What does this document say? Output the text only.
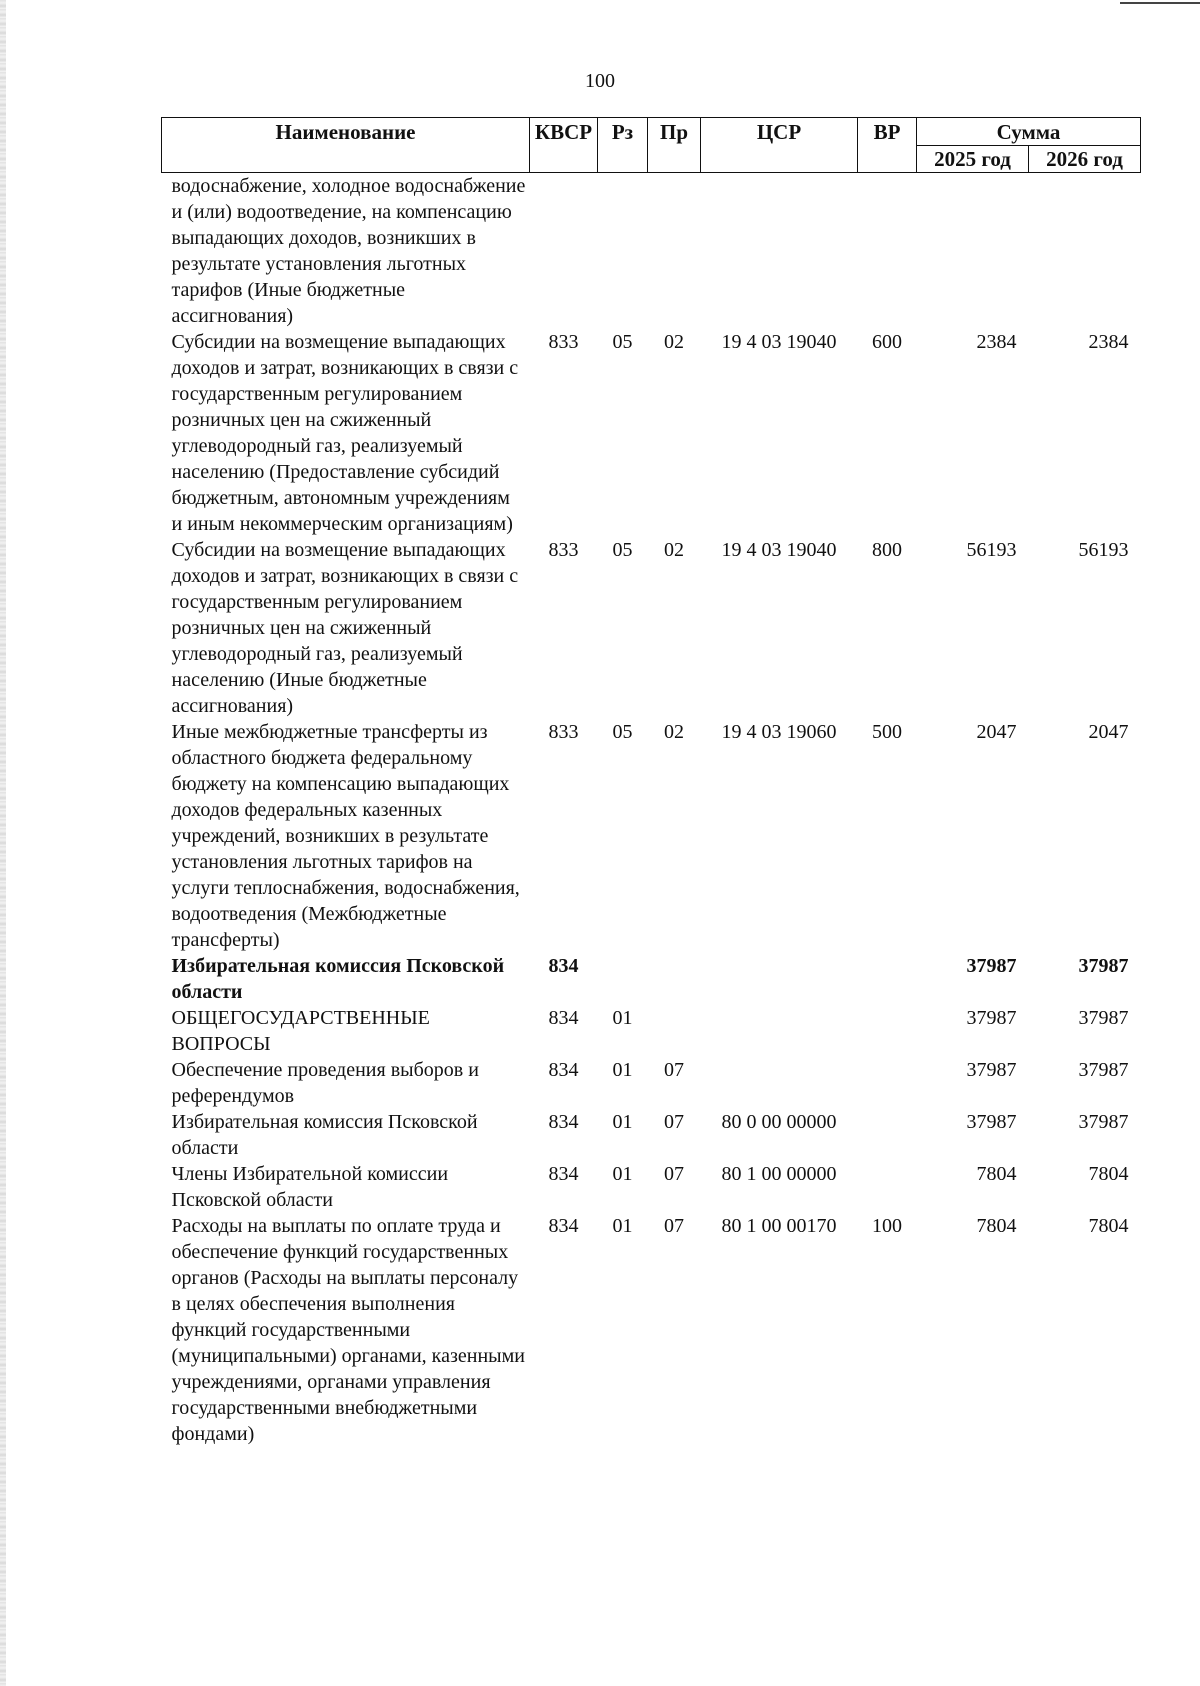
100
Наименование	КВСР	Рз	Пр	ЦСР	ВР	Сумма	
						2025 год	2026 год
водоснабжение, холодное водоснабжение и (или) водоотведение, на компенсацию выпадающих доходов, возникших в результате установления льготных тарифов (Иные бюджетные ассигнования)							
Субсидии на возмещение выпадающих доходов и затрат, возникающих в связи с государственным регулированием розничных цен на сжиженный углеводородный газ, реализуемый населению (Предоставление субсидий бюджетным, автономным учреждениям и иным некоммерческим организациям)	833	05	02	19 4 03 19040	600	2384	2384
Субсидии на возмещение выпадающих доходов и затрат, возникающих в связи с государственным регулированием розничных цен на сжиженный углеводородный газ, реализуемый населению (Иные бюджетные ассигнования)	833	05	02	19 4 03 19040	800	56193	56193
Иные межбюджетные трансферты из областного бюджета федеральному бюджету на компенсацию выпадающих доходов федеральных казенных учреждений, возникших в результате установления льготных тарифов на услуги теплоснабжения, водоснабжения, водоотведения (Межбюджетные трансферты)	833	05	02	19 4 03 19060	500	2047	2047
Избирательная комиссия Псковской области	834					37987	37987
ОБЩЕГОСУДАРСТВЕННЫЕ ВОПРОСЫ	834	01				37987	37987
Обеспечение проведения выборов и референдумов	834	01	07			37987	37987
Избирательная комиссия Псковской области	834	01	07	80 0 00 00000		37987	37987
Члены Избирательной комиссии Псковской области	834	01	07	80 1 00 00000		7804	7804
Расходы на выплаты по оплате труда и обеспечение функций государственных органов (Расходы на выплаты персоналу в целях обеспечения выполнения функций государственными (муниципальными) органами, казенными учреждениями, органами управления государственными внебюджетными фондами)	834	01	07	80 1 00 00170	100	7804	7804
